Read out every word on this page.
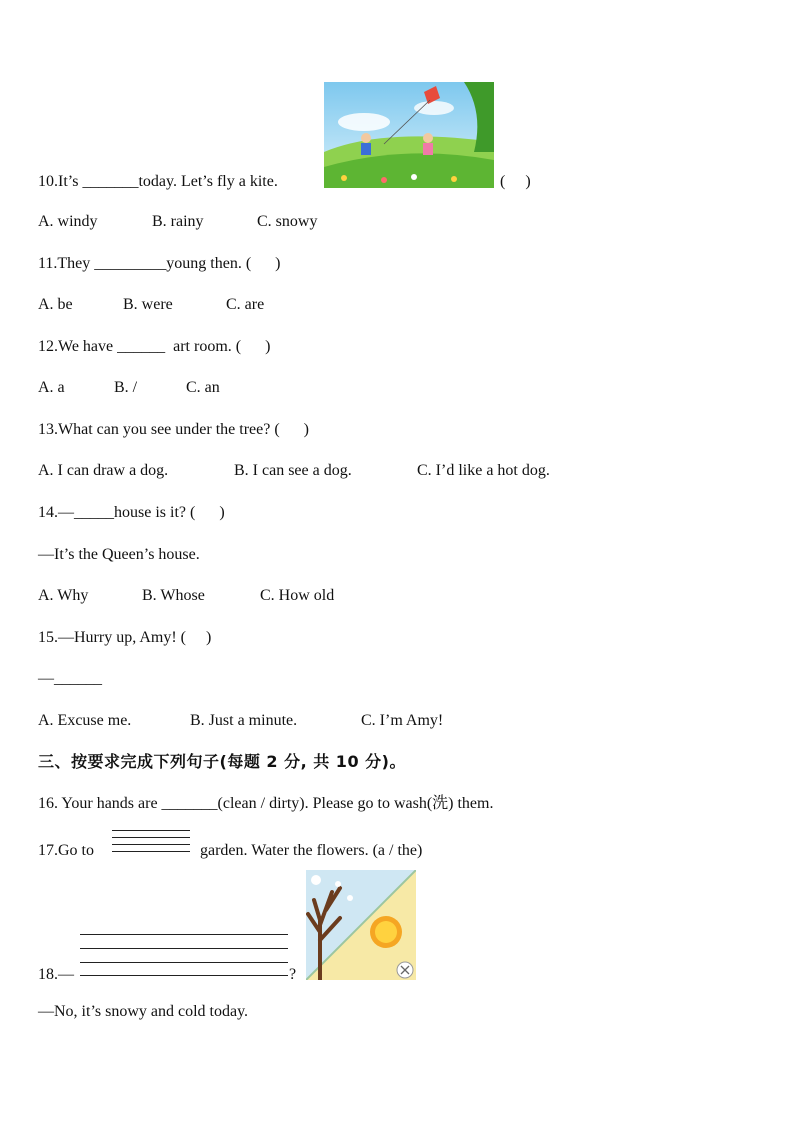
10.It’s _______today. Let’s fly a kite.	(     )
A. windy	B. rainy	C. snowy
11.They _________young then. (      )
A. be	B. were	C. are
12.We have ______  art room. (      )
A. a	B. /	C. an
13.What can you see under the tree? (      )
A. I can draw a dog.	B. I can see a dog.	C. I’d like a hot dog.
14.—_____house is it? (      )
—It’s the Queen’s house.
A. Why	B. Whose	C. How old
15.—Hurry up, Amy! (     )
—______
A. Excuse me.	B. Just a minute.	C. I’m Amy!
三、按要求完成下列句子(每题 2 分, 共 10 分)。
16. Your hands are _______(clean / dirty). Please go to wash(洗) them.
17.Go to	garden. Water the flowers. (a / the)
18.—	?
—No, it’s snowy and cold today.
